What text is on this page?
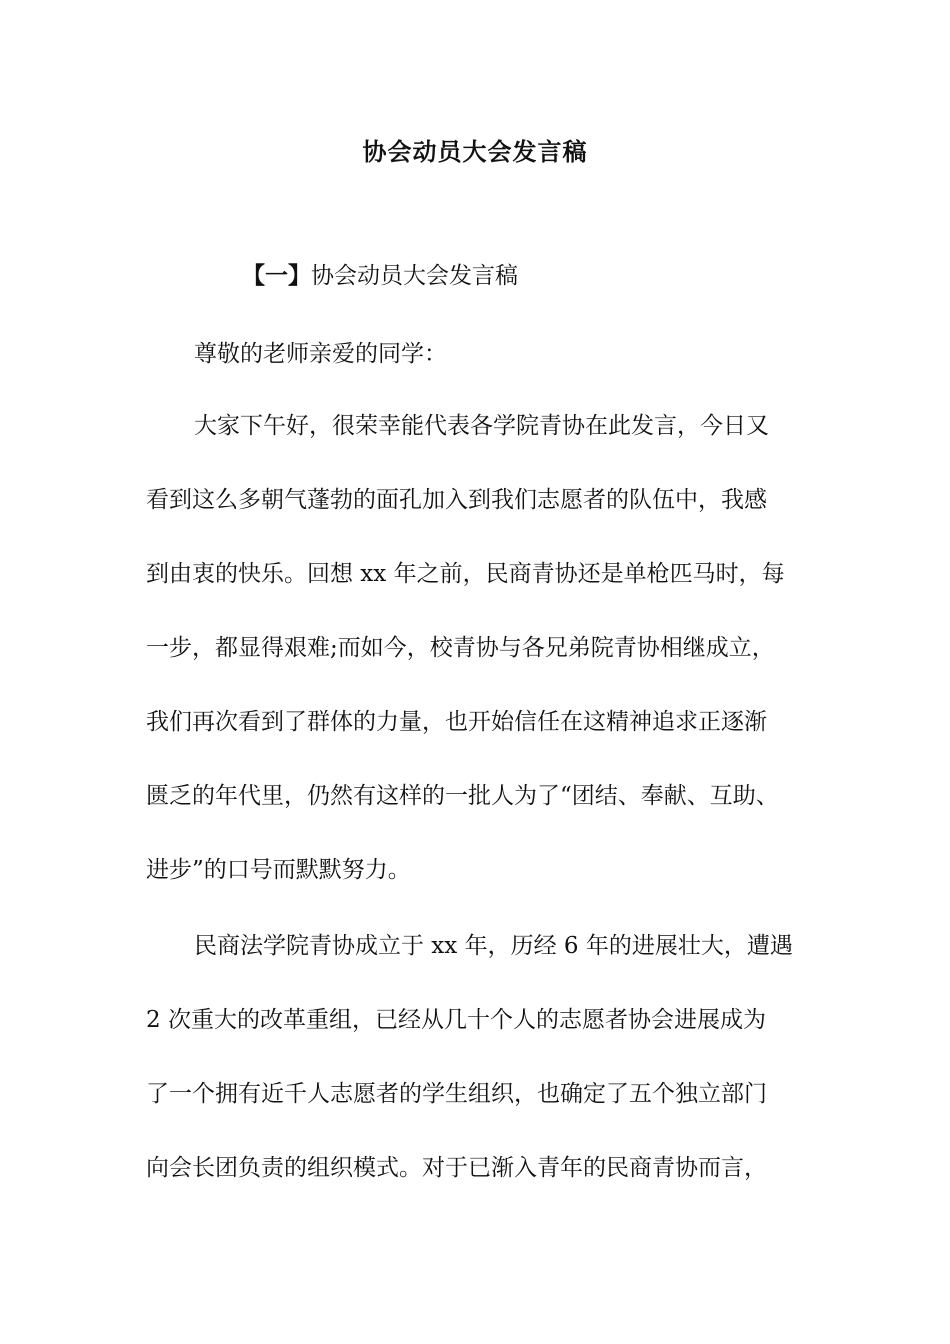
协会动员大会发言稿
【一】协会动员大会发言稿
尊敬的老师亲爱的同学：
大家下午好，很荣幸能代表各学院青协在此发言，今日又
看到这么多朝气蓬勃的面孔加入到我们志愿者的队伍中，我感
到由衷的快乐。回想 xx 年之前，民商青协还是单枪匹马时，每
一步，都显得艰难;而如今，校青协与各兄弟院青协相继成立，
我们再次看到了群体的力量，也开始信任在这精神追求正逐渐
匮乏的年代里，仍然有这样的一批人为了“团结、奉献、互助、
进步”的口号而默默努力。
民商法学院青协成立于 xx 年，历经 6 年的进展壮大，遭遇
2 次重大的改革重组，已经从几十个人的志愿者协会进展成为
了一个拥有近千人志愿者的学生组织，也确定了五个独立部门
向会长团负责的组织模式。对于已渐入青年的民商青协而言，
